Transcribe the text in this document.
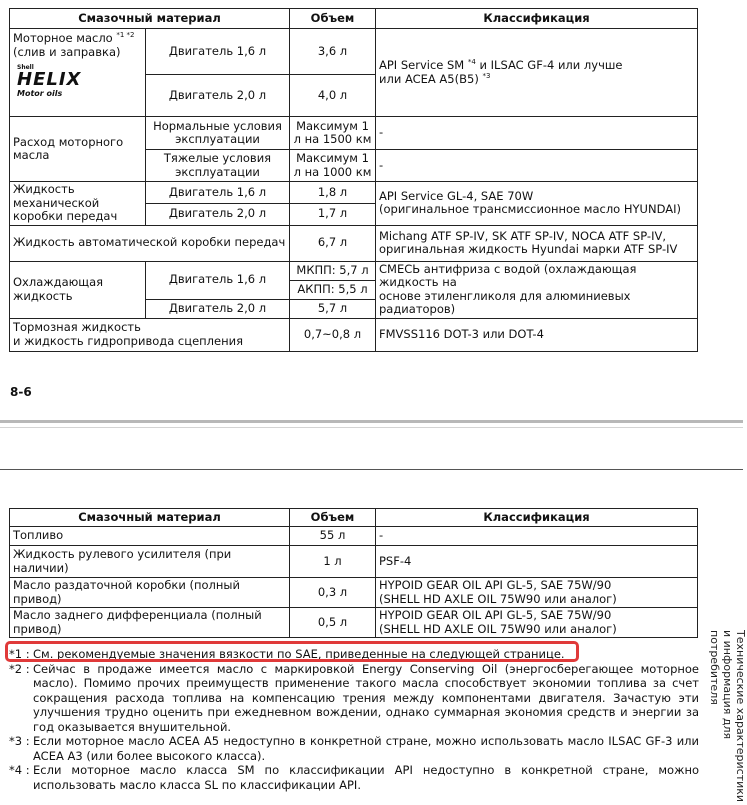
Смазочный материал		Объем	Классификация
Моторное масло $^{*1 *2}$
(слив и заправка)
Shell
HELIX
Motor oils	Двигатель 1,6 л	3,6 л	API Service SM $^{*4}$ и ILSAC GF-4 или лучше
или ACEA A5(B5) $^{*3}$
	Двигатель 2,0 л	4,0 л	
Расход моторного масла	Нормальные условия эксплуатации	Максимум 1 л на 1500 км	-
	Тяжелые условия эксплуатации	Максимум 1 л на 1000 км	-
Жидкость механической коробки передач	Двигатель 1,6 л	1,8 л	API Service GL-4, SAE 70W
(оригинальное трансмиссионное масло HYUNDAI)
	Двигатель 2,0 л	1,7 л	
Жидкость автоматической коробки передач		6,7 л	Michang ATF SP-IV, SK ATF SP-IV, NOCA ATF SP-IV,
оригинальная жидкость Hyundai марки ATF SP-IV
Охлаждающая жидкость	Двигатель 1,6 л	МКПП: 5,7 л	СМЕСЬ антифриза с водой (охлаждающая жидкость на
основе этиленгликоля для алюминиевых радиаторов)
		АКПП: 5,5 л	
	Двигатель 2,0 л	5,7 л	
Тормозная жидкость
и жидкость гидропривода сцепления		0,7~0,8 л	FMVSS116 DOT-3 или DOT-4
8-6
Смазочный материал	Объем	Классификация
Топливо	55 л	-
Жидкость рулевого усилителя (при наличии)	1 л	PSF-4
Масло раздаточной коробки (полный привод)	0,3 л	HYPOID GEAR OIL API GL-5, SAE 75W/90
(SHELL HD AXLE OIL 75W90 или аналог)
Масло заднего дифференциала (полный привод)	0,5 л	HYPOID GEAR OIL API GL-5, SAE 75W/90
(SHELL HD AXLE OIL 75W90 или аналог)
*1 : См. рекомендуемые значения вязкости по SAE, приведенные на следующей странице.
*2 : Сейчас в продаже имеется масло с маркировкой Energy Conserving Oil (энергосберегающее моторное масло). Помимо прочих преимуществ применение такого масла способствует экономии топлива за счет сокращения расхода топлива на компенсацию трения между компонентами двигателя. Зачастую эти улучшения трудно оценить при ежедневном вождении, однако суммарная экономия средств и энергии за год оказывается внушительной.
*3 : Если моторное масло ACEA A5 недоступно в конкретной стране, можно использовать масло ILSAC GF-3 или ACEA A3 (или более высокого класса).
*4 : Если моторное масло класса SM по классификации API недоступно в конкретной стране, можно использовать масло класса SL по классификации API.	Технические характеристики
и информация для потребителя
